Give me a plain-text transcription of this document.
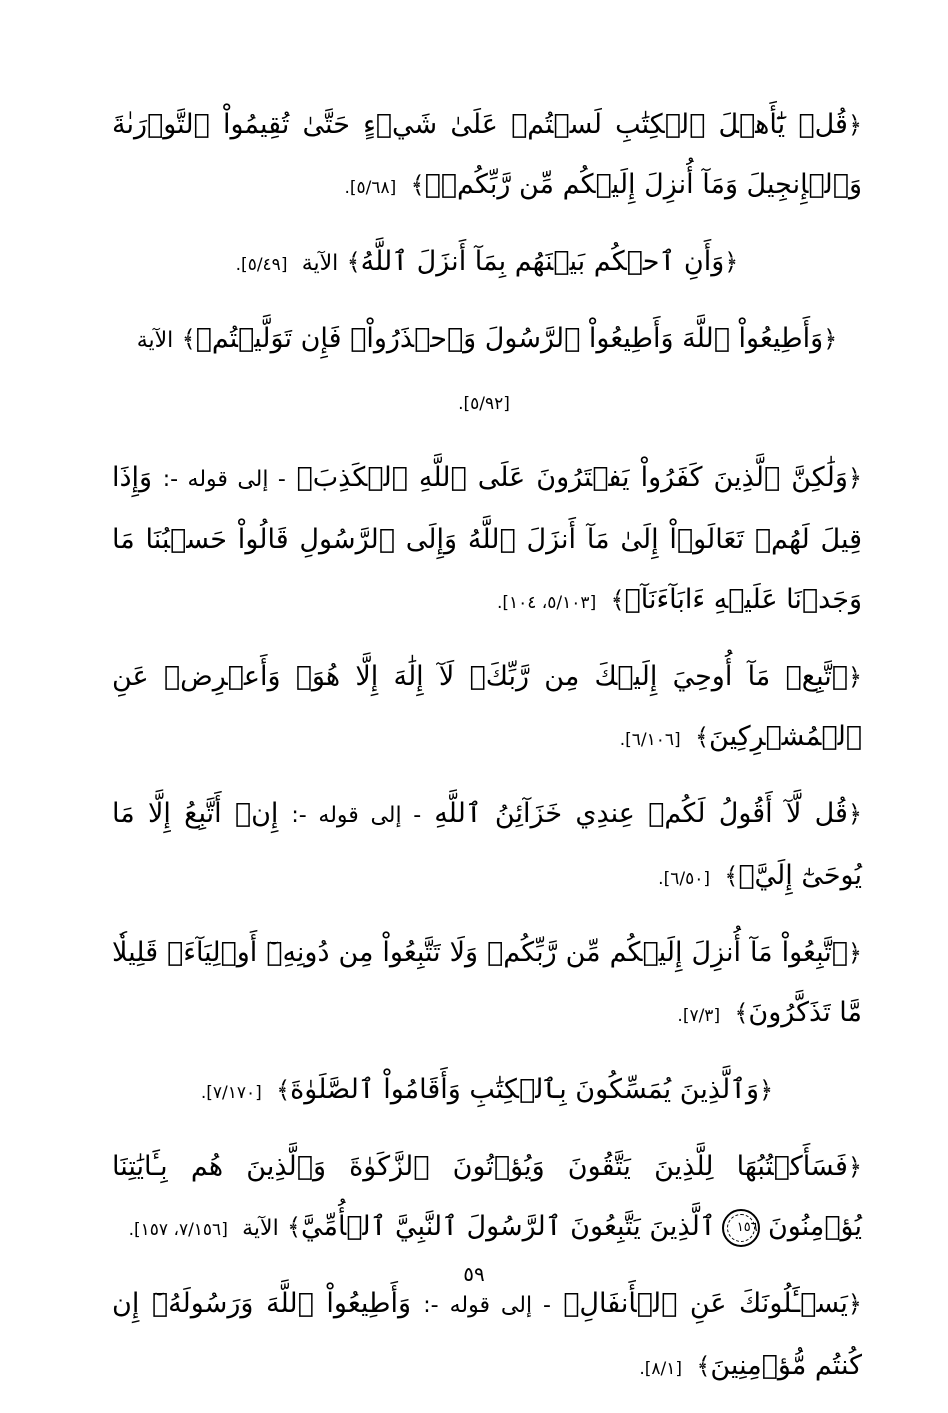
﴿قُلۡ يَٰٓأَهۡلَ ٱلۡكِتَٰبِ لَسۡتُمۡ عَلَىٰ شَيۡءٍ حَتَّىٰ تُقِيمُواْ ٱلتَّوۡرَىٰةَ وَٱلۡإِنجِيلَ وَمَآ أُنزِلَ إِلَيۡكُم مِّن رَّبِّكُمۡۗ﴾ [٥/٦٨].

﴿وَأَنِ ٱحۡكُم بَيۡنَهُم بِمَآ أَنزَلَ ٱللَّهُ﴾ الآية [٥/٤٩].

﴿وَأَطِيعُواْ ٱللَّهَ وَأَطِيعُواْ ٱلرَّسُولَ وَٱحۡذَرُواْۚ فَإِن تَوَلَّيۡتُمۡ﴾ الآية [٥/٩٢].

﴿وَلَٰكِنَّ ٱلَّذِينَ كَفَرُواْ يَفۡتَرُونَ عَلَى ٱللَّهِ ٱلۡكَذِبَۖ - إلى قوله -: وَإِذَا قِيلَ لَهُمۡ تَعَالَوۡاْ إِلَىٰ مَآ أَنزَلَ ٱللَّهُ وَإِلَى ٱلرَّسُولِ قَالُواْ حَسۡبُنَا مَا وَجَدۡنَا عَلَيۡهِ ءَابَآءَنَآۚ﴾ [٥/١٠٣، ١٠٤].

﴿ٱتَّبِعۡ مَآ أُوحِيَ إِلَيۡكَ مِن رَّبِّكَۖ لَآ إِلَٰهَ إِلَّا هُوَۖ وَأَعۡرِضۡ عَنِ ٱلۡمُشۡرِكِينَ﴾ [٦/١٠٦].

﴿قُل لَّآ أَقُولُ لَكُمۡ عِندِي خَزَآئِنُ ٱللَّهِ - إلى قوله -: إِنۡ أَتَّبِعُ إِلَّا مَا يُوحَىٰٓ إِلَيَّۚ﴾ [٦/٥٠].

﴿ٱتَّبِعُواْ مَآ أُنزِلَ إِلَيۡكُم مِّن رَّبِّكُمۡ وَلَا تَتَّبِعُواْ مِن دُونِهِۦٓ أَوۡلِيَآءَۗ قَلِيلٗا مَّا تَذَكَّرُونَ﴾ [٧/٣].

﴿وَٱلَّذِينَ يُمَسِّكُونَ بِٱلۡكِتَٰبِ وَأَقَامُواْ ٱلصَّلَوٰةَ﴾ [٧/١٧٠].

﴿فَسَأَكۡتُبُهَا لِلَّذِينَ يَتَّقُونَ وَيُؤۡتُونَ ٱلزَّكَوٰةَ وَٱلَّذِينَ هُم بِـَٔايَٰتِنَا يُؤۡمِنُونَ
١٥٦
ٱلَّذِينَ يَتَّبِعُونَ ٱلرَّسُولَ ٱلنَّبِيَّ ٱلۡأُمِّيَّ﴾ الآية [٧/١٥٦، ١٥٧].

﴿يَسۡـَٔلُونَكَ عَنِ ٱلۡأَنفَالِۖ - إلى قوله -: وَأَطِيعُواْ ٱللَّهَ وَرَسُولَهُۥٓ إِن كُنتُم مُّؤۡمِنِينَ﴾ [٨/١].

٥٩
